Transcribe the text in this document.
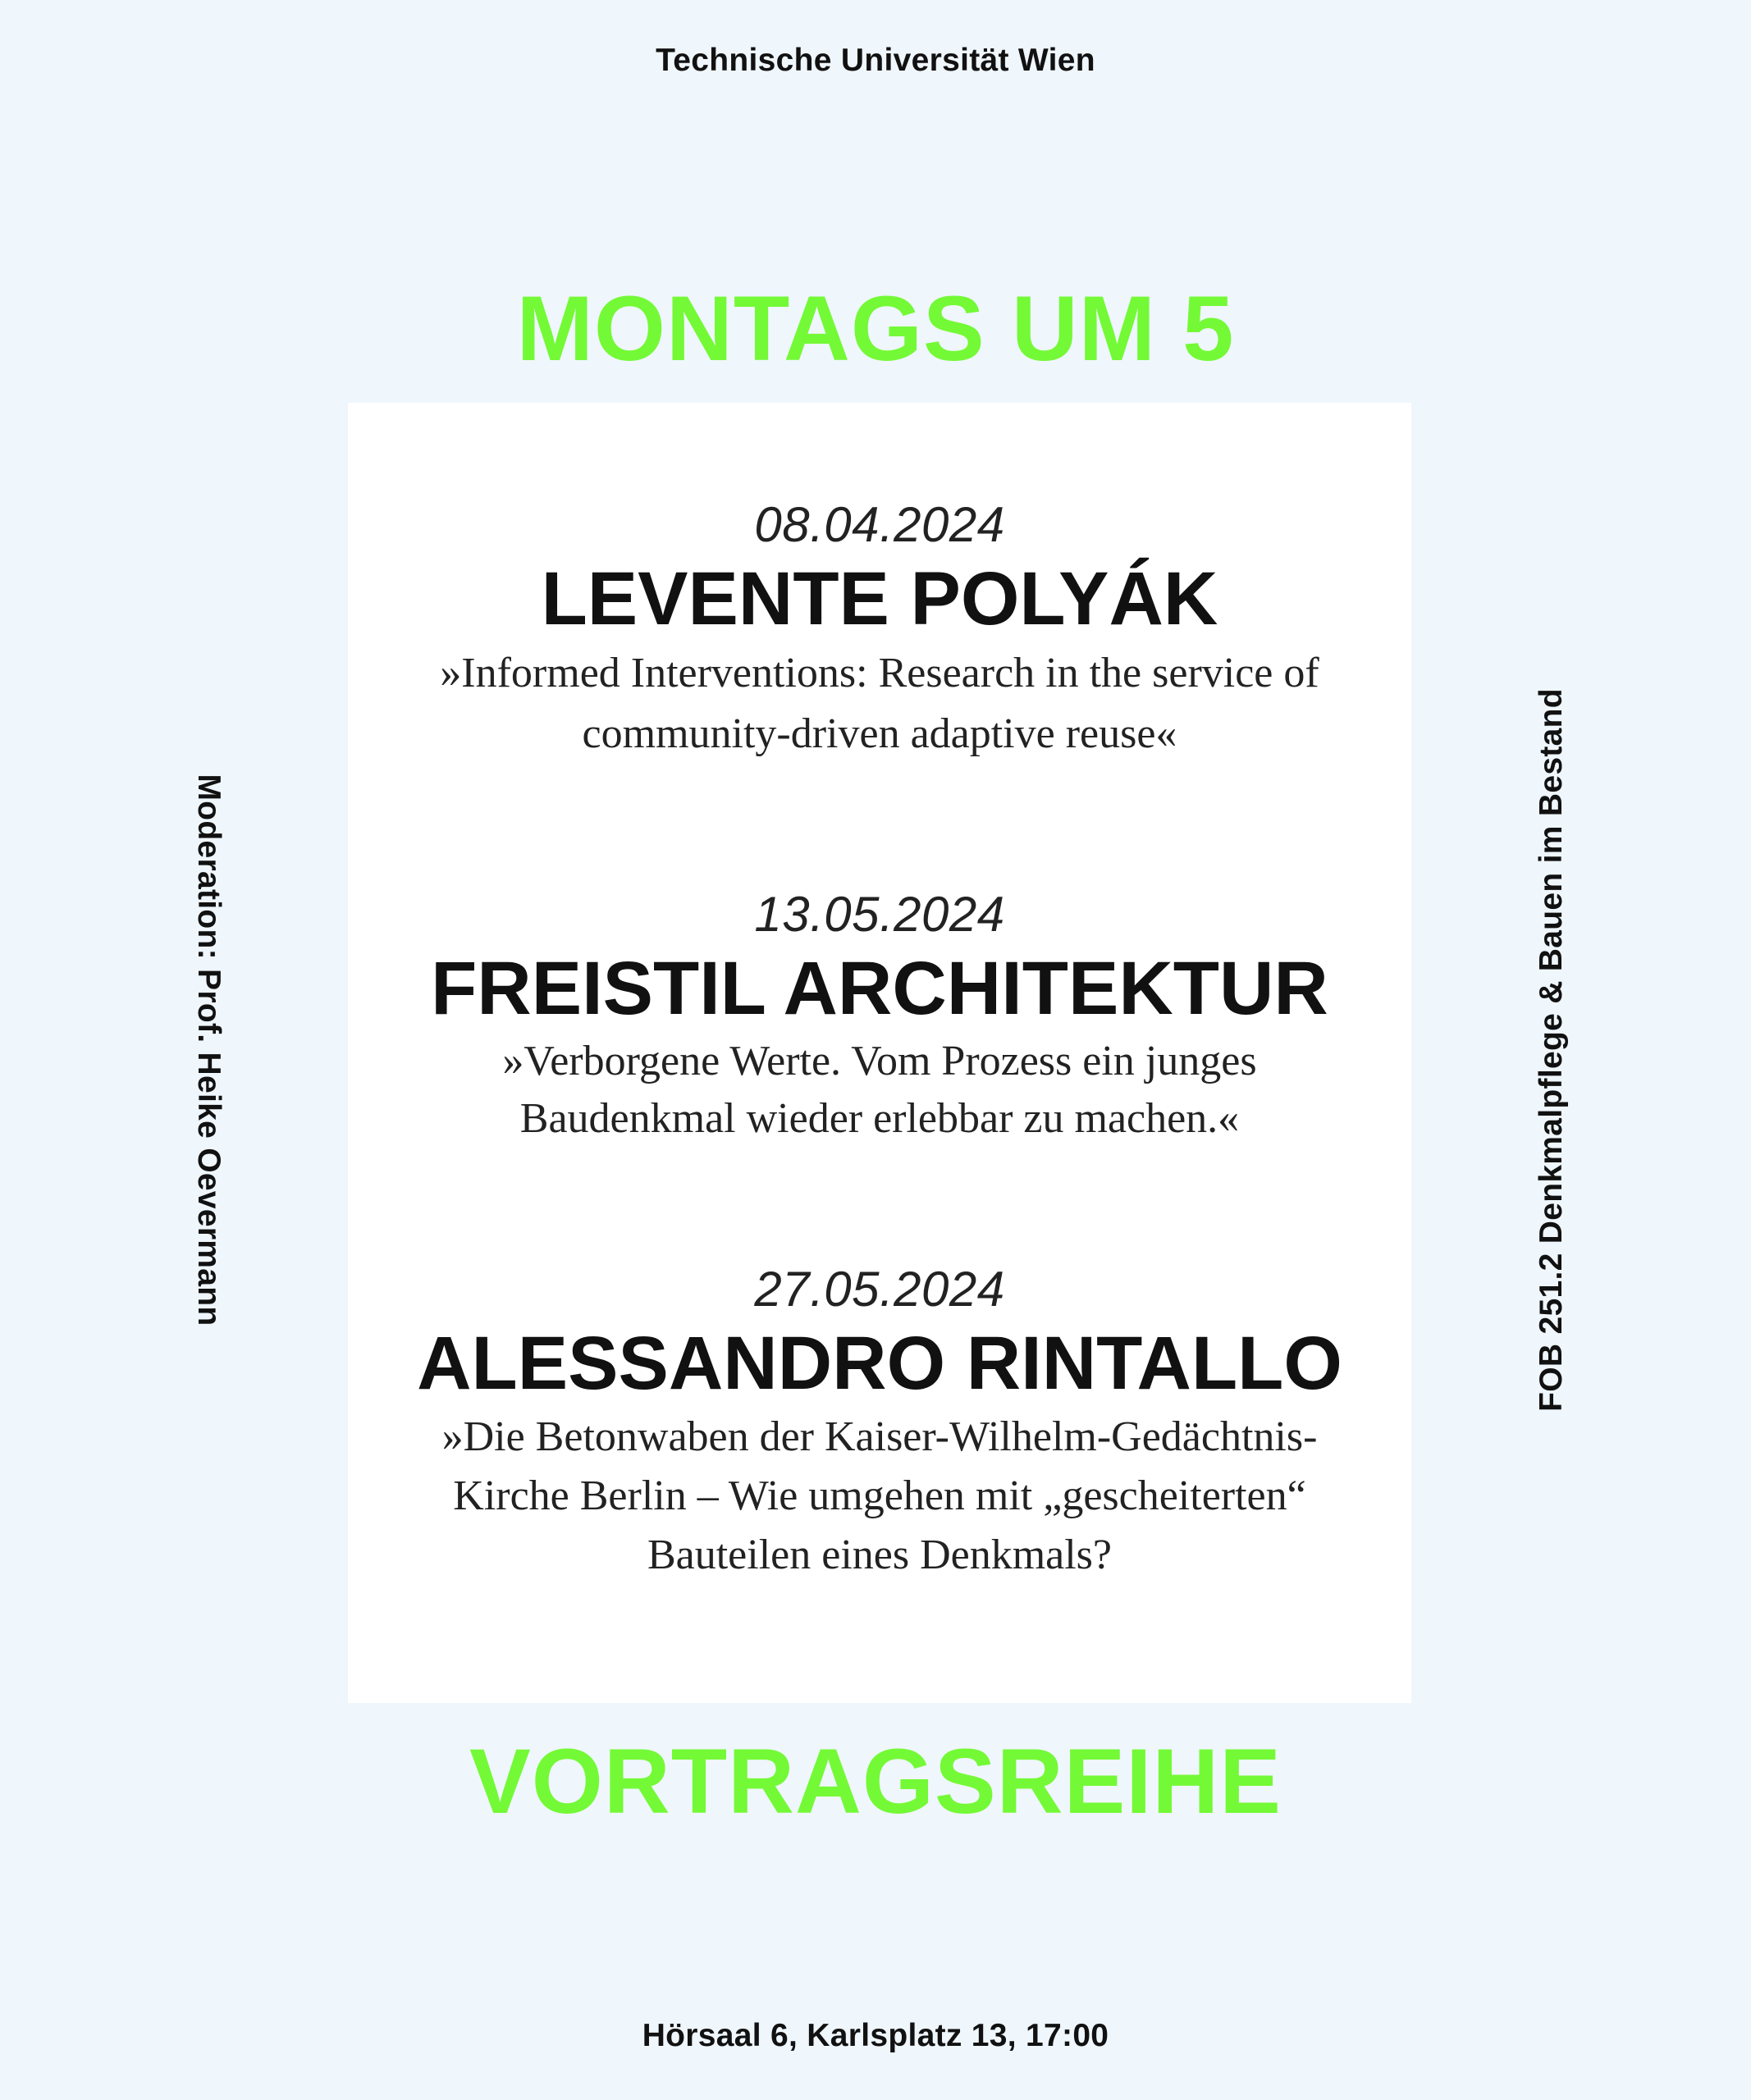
Technische Universität Wien
MONTAGS UM 5
08.04.2024
LEVENTE POLYÁK
»Informed Interventions: Research in the service of
community-driven adaptive reuse«
13.05.2024
FREISTIL ARCHITEKTUR
»Verborgene Werte. Vom Prozess ein junges
Baudenkmal wieder erlebbar zu machen.«
27.05.2024
ALESSANDRO RINTALLO
»Die Betonwaben der Kaiser-Wilhelm-Gedächtnis-
Kirche Berlin – Wie umgehen mit „gescheiterten“
Bauteilen eines Denkmals?
VORTRAGSREIHE
Moderation: Prof. Heike Oevermann	FOB 251.2 Denkmalpflege & Bauen im Bestand
Hörsaal 6, Karlsplatz 13, 17:00
